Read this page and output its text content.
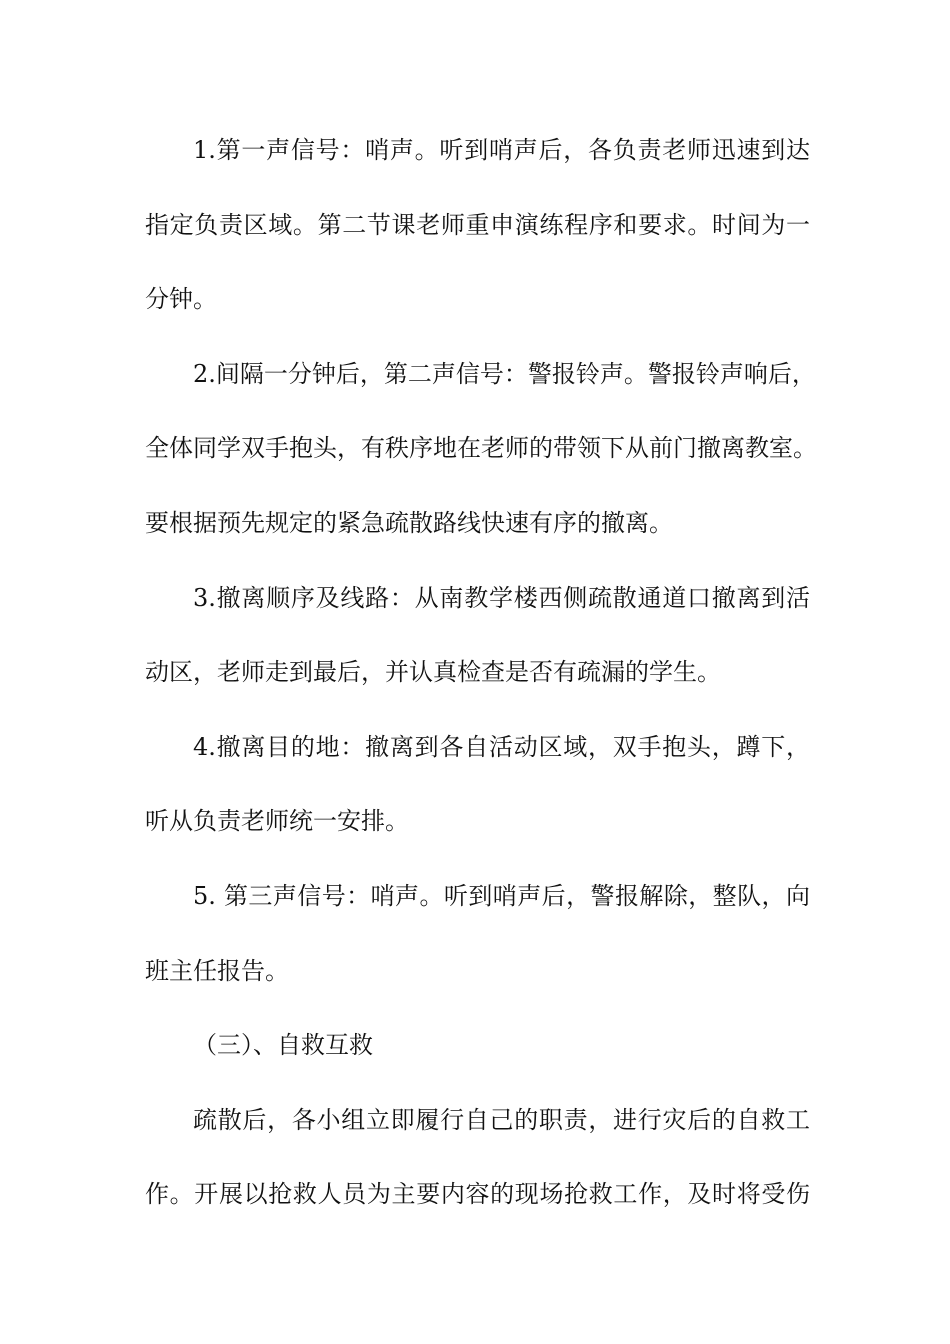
1.第一声信号：哨声。听到哨声后，各负责老师迅速到达
指定负责区域。第二节课老师重申演练程序和要求。时间为一
分钟。
2.间隔一分钟后，第二声信号：警报铃声。警报铃声响后，
全体同学双手抱头，有秩序地在老师的带领下从前门撤离教室。
要根据预先规定的紧急疏散路线快速有序的撤离。
3.撤离顺序及线路：从南教学楼西侧疏散通道口撤离到活
动区，老师走到最后，并认真检查是否有疏漏的学生。
4.撤离目的地：撤离到各自活动区域，双手抱头，蹲下，
听从负责老师统一安排。
5. 第三声信号：哨声。听到哨声后，警报解除，整队，向
班主任报告。
（三）、自救互救
疏散后，各小组立即履行自己的职责，进行灾后的自救工
作。开展以抢救人员为主要内容的现场抢救工作，及时将受伤
